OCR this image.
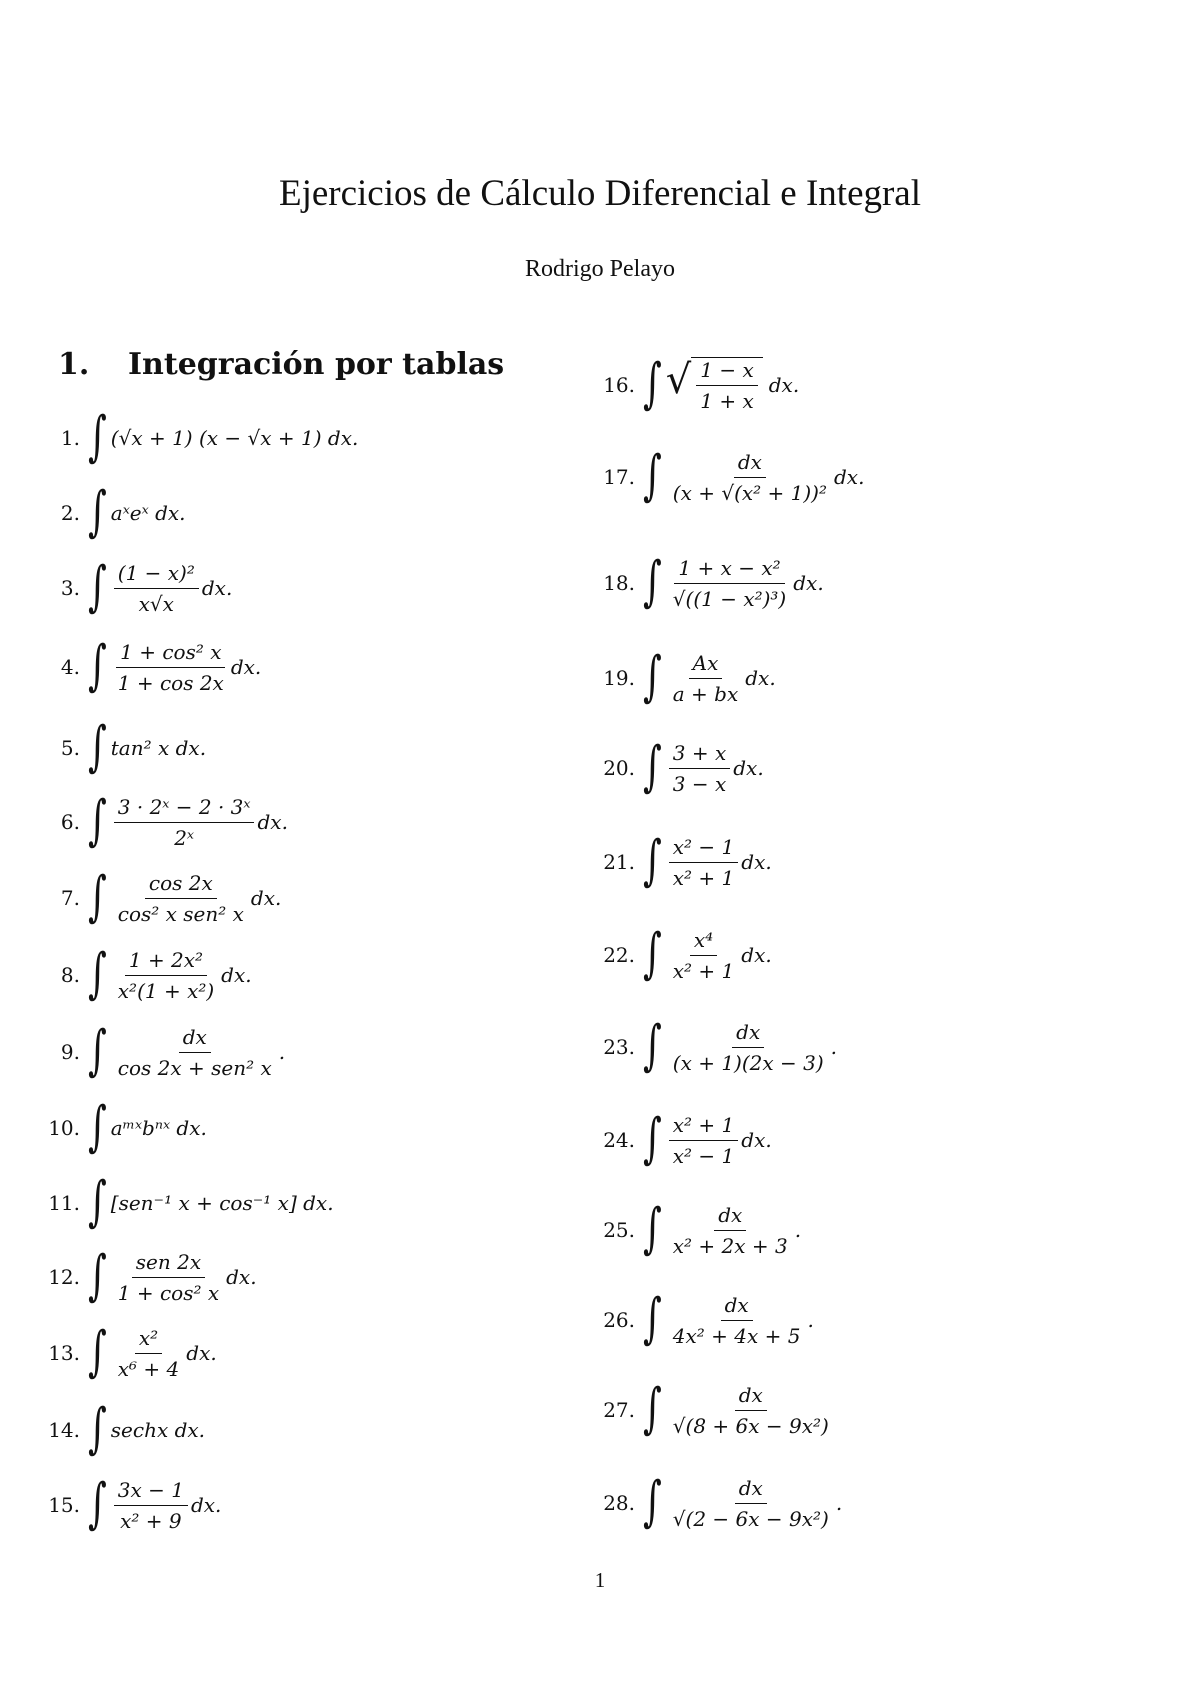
Ejercicios de Cálculo Diferencial e Integral
Rodrigo Pelayo
1. Integración por tablas
1. ∫ (√x + 1) (x − √x + 1) dx.
2. ∫ aˣeˣ dx.
3. ∫ $\frac{\text{(1 − x)²}}{x√x}$ dx.
4. ∫ $\frac{\text{1 + cos² x}}{1 + \cos 2x}$ dx.
5. ∫ tan² x dx.
6. ∫ $\frac{\text{3 · 2ˣ − 2 · 3ˣ}}{\text{2ˣ}}$ dx.
7. ∫ $\frac{\cos 2x}{\text{cos² x sen² x}}$ dx.
8. ∫ $\frac{\text{1 + 2x²}}{\text{x²(1 + x²)}}$ dx.
9. ∫ $\frac{dx}{\text{cos 2x + sen² x}}$ .
10. ∫ aᵐˣbⁿˣ dx.
11. ∫ [sen⁻¹ x + cos⁻¹ x] dx.
12. ∫ $\frac{\text{sen 2x}}{\text{1 + cos² x}}$ dx.
13. ∫ $\frac{\text{x²}}{\text{x⁶ + 4}}$ dx.
14. ∫ sechx dx.
15. ∫ $\frac{3x - 1}{\text{x² + 9}}$ dx.
16. ∫ √ $\frac{1 - x}{1 + x}$ dx.
17. ∫ $\frac{dx}{\text{(x + √(x² + 1))²}}$ dx.
18. ∫ $\frac{\text{1 + x − x²}}{\text{√((1 − x²)³)}}$ dx.
19. ∫ $\frac{Ax}{a + bx}$ dx.
20. ∫ $\frac{3 + x}{3 - x}$ dx.
21. ∫ $\frac{\text{x² − 1}}{\text{x² + 1}}$ dx.
22. ∫ $\frac{\text{x⁴}}{\text{x² + 1}}$ dx.
23. ∫ $\frac{dx}{(x + 1)(2x - 3)}$ .
24. ∫ $\frac{\text{x² + 1}}{\text{x² − 1}}$ dx.
25. ∫ $\frac{dx}{\text{x² + 2x + 3}}$ .
26. ∫ $\frac{dx}{\text{4x² + 4x + 5}}$ .
27. ∫ $\frac{dx}{\text{√(8 + 6x − 9x²)}}$
28. ∫ $\frac{dx}{\text{√(2 − 6x − 9x²)}}$ .
1
